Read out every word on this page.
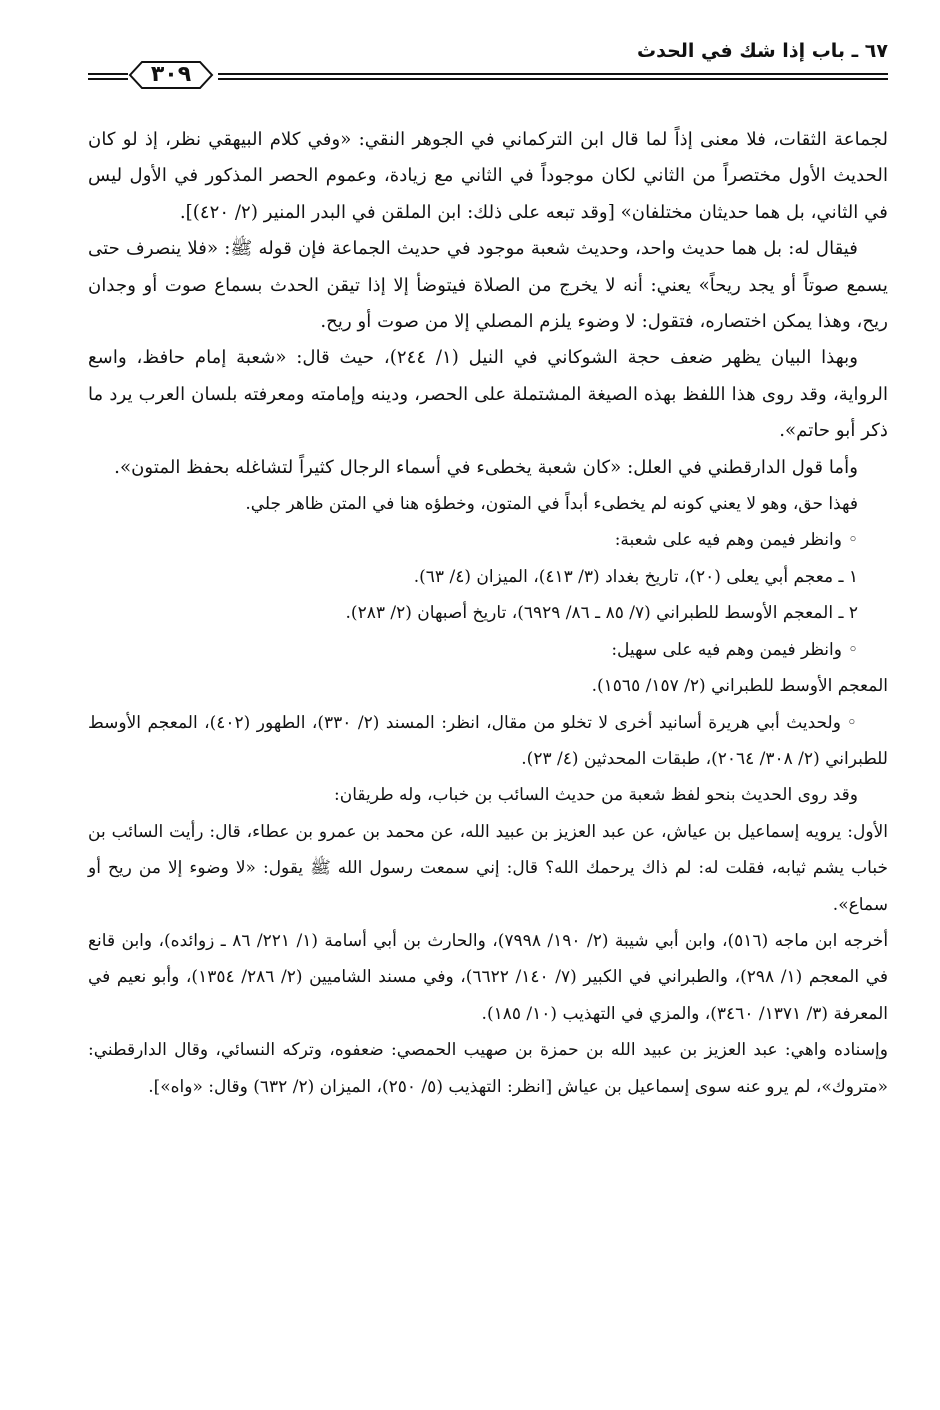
٦٧ ـ باب إذا شك في الحدث
٣٠٩

لجماعة الثقات، فلا معنى إذاً لما قال ابن التركماني في الجوهر النقي: «وفي كلام البيهقي نظر، إذ لو كان الحديث الأول مختصراً من الثاني لكان موجوداً في الثاني مع زيادة، وعموم الحصر المذكور في الأول ليس في الثاني، بل هما حديثان مختلفان» [وقد تبعه على ذلك: ابن الملقن في البدر المنير (٢/ ٤٢٠)].

فيقال له: بل هما حديث واحد، وحديث شعبة موجود في حديث الجماعة فإن قوله ﷺ: «فلا ينصرف حتى يسمع صوتاً أو يجد ريحاً» يعني: أنه لا يخرج من الصلاة فيتوضأ إلا إذا تيقن الحدث بسماع صوت أو وجدان ريح، وهذا يمكن اختصاره، فتقول: لا وضوء يلزم المصلي إلا من صوت أو ريح.

وبهذا البيان يظهر ضعف حجة الشوكاني في النيل (١/ ٢٤٤)، حيث قال: «شعبة إمام حافظ، واسع الرواية، وقد روى هذا اللفظ بهذه الصيغة المشتملة على الحصر، ودينه وإمامته ومعرفته بلسان العرب يرد ما ذكر أبو حاتم».

وأما قول الدارقطني في العلل: «كان شعبة يخطىء في أسماء الرجال كثيراً لتشاغله بحفظ المتون».

فهذا حق، وهو لا يعني كونه لم يخطىء أبداً في المتون، وخطؤه هنا في المتن ظاهر جلي.

◦وانظر فيمن وهم فيه على شعبة:

١ ـ معجم أبي يعلى (٢٠)، تاريخ بغداد (٣/ ٤١٣)، الميزان (٤/ ٦٣).

٢ ـ المعجم الأوسط للطبراني (٧/ ٨٥ ـ ٨٦/ ٦٩٢٩)، تاريخ أصبهان (٢/ ٢٨٣).

◦وانظر فيمن وهم فيه على سهيل:

المعجم الأوسط للطبراني (٢/ ١٥٧/ ١٥٦٥).

◦ولحديث أبي هريرة أسانيد أخرى لا تخلو من مقال، انظر: المسند (٢/ ٣٣٠)، الطهور (٤٠٢)، المعجم الأوسط للطبراني (٢/ ٣٠٨/ ٢٠٦٤)، طبقات المحدثين (٤/ ٢٣).

وقد روى الحديث بنحو لفظ شعبة من حديث السائب بن خباب، وله طريقان:

الأول: يرويه إسماعيل بن عياش، عن عبد العزيز بن عبيد الله، عن محمد بن عمرو بن عطاء، قال: رأيت السائب بن خباب يشم ثيابه، فقلت له: لم ذاك يرحمك الله؟ قال: إني سمعت رسول الله ﷺ يقول: «لا وضوء إلا من ريح أو سماع».

أخرجه ابن ماجه (٥١٦)، وابن أبي شيبة (٢/ ١٩٠/ ٧٩٩٨)، والحارث بن أبي أسامة (١/ ٢٢١/ ٨٦ ـ زوائده)، وابن قانع في المعجم (١/ ٢٩٨)، والطبراني في الكبير (٧/ ١٤٠/ ٦٦٢٢)، وفي مسند الشاميين (٢/ ٢٨٦/ ١٣٥٤)، وأبو نعيم في المعرفة (٣/ ١٣٧١/ ٣٤٦٠)، والمزي في التهذيب (١٠/ ١٨٥).

وإسناده واهي: عبد العزيز بن عبيد الله بن حمزة بن صهيب الحمصي: ضعفوه، وتركه النسائي، وقال الدارقطني: «متروك»، لم يرو عنه سوى إسماعيل بن عياش [انظر: التهذيب (٥/ ٢٥٠)، الميزان (٢/ ٦٣٢) وقال: «واه»].
